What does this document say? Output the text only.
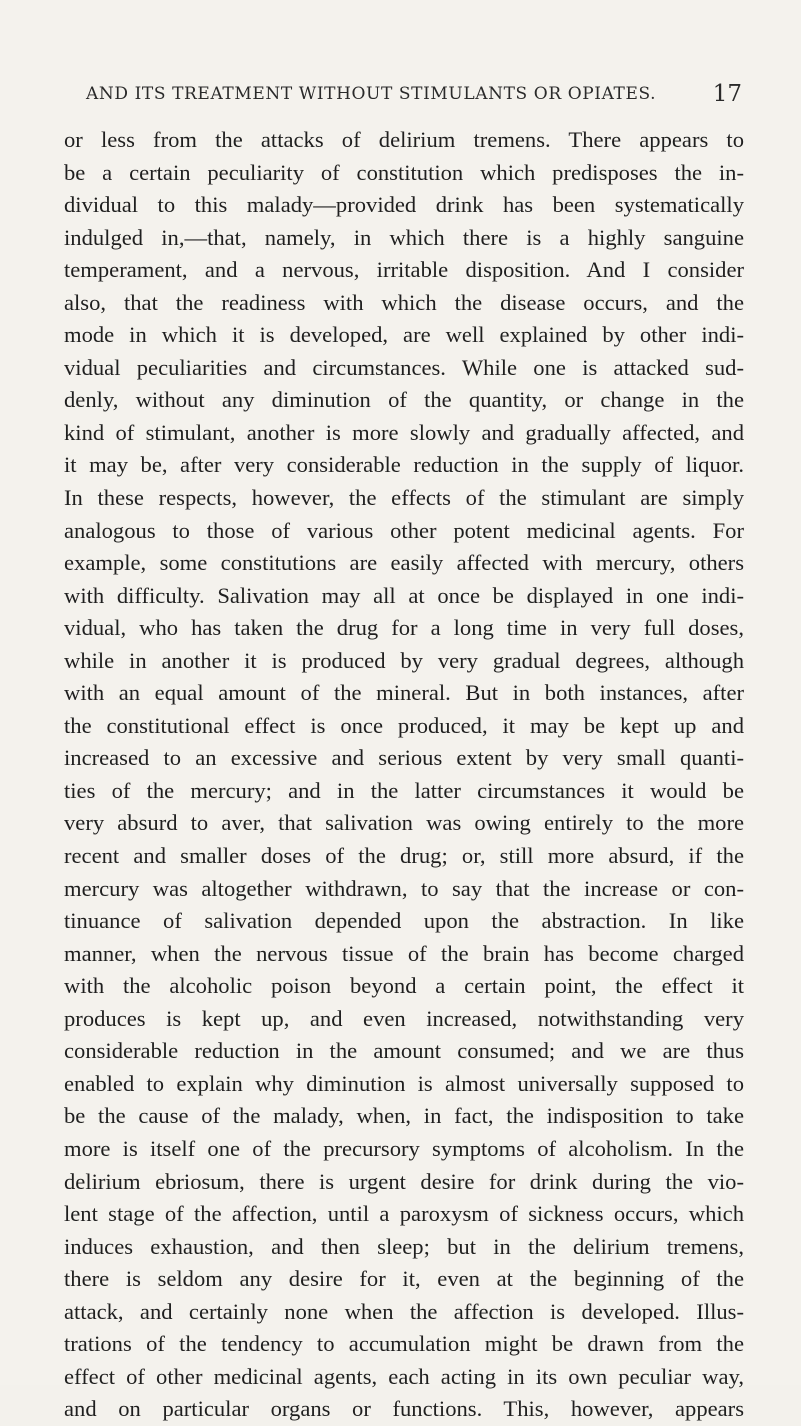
AND ITS TREATMENT WITHOUT STIMULANTS OR OPIATES. 17
or less from the attacks of delirium tremens. There appears to
be a certain peculiarity of constitution which predisposes the in-
dividual to this malady—provided drink has been systematically
indulged in,—that, namely, in which there is a highly sanguine
temperament, and a nervous, irritable disposition. And I consider
also, that the readiness with which the disease occurs, and the
mode in which it is developed, are well explained by other indi-
vidual peculiarities and circumstances. While one is attacked sud-
denly, without any diminution of the quantity, or change in the
kind of stimulant, another is more slowly and gradually affected, and
it may be, after very considerable reduction in the supply of liquor.
In these respects, however, the effects of the stimulant are simply
analogous to those of various other potent medicinal agents. For
example, some constitutions are easily affected with mercury, others
with difficulty. Salivation may all at once be displayed in one indi-
vidual, who has taken the drug for a long time in very full doses,
while in another it is produced by very gradual degrees, although
with an equal amount of the mineral. But in both instances, after
the constitutional effect is once produced, it may be kept up and
increased to an excessive and serious extent by very small quanti-
ties of the mercury; and in the latter circumstances it would be
very absurd to aver, that salivation was owing entirely to the more
recent and smaller doses of the drug; or, still more absurd, if the
mercury was altogether withdrawn, to say that the increase or con-
tinuance of salivation depended upon the abstraction. In like
manner, when the nervous tissue of the brain has become charged
with the alcoholic poison beyond a certain point, the effect it
produces is kept up, and even increased, notwithstanding very
considerable reduction in the amount consumed; and we are thus
enabled to explain why diminution is almost universally supposed to
be the cause of the malady, when, in fact, the indisposition to take
more is itself one of the precursory symptoms of alcoholism. In the
delirium ebriosum, there is urgent desire for drink during the vio-
lent stage of the affection, until a paroxysm of sickness occurs, which
induces exhaustion, and then sleep; but in the delirium tremens,
there is seldom any desire for it, even at the beginning of the
attack, and certainly none when the affection is developed. Illus-
trations of the tendency to accumulation might be drawn from the
effect of other medicinal agents, each acting in its own peculiar way,
and on particular organs or functions. This, however, appears
